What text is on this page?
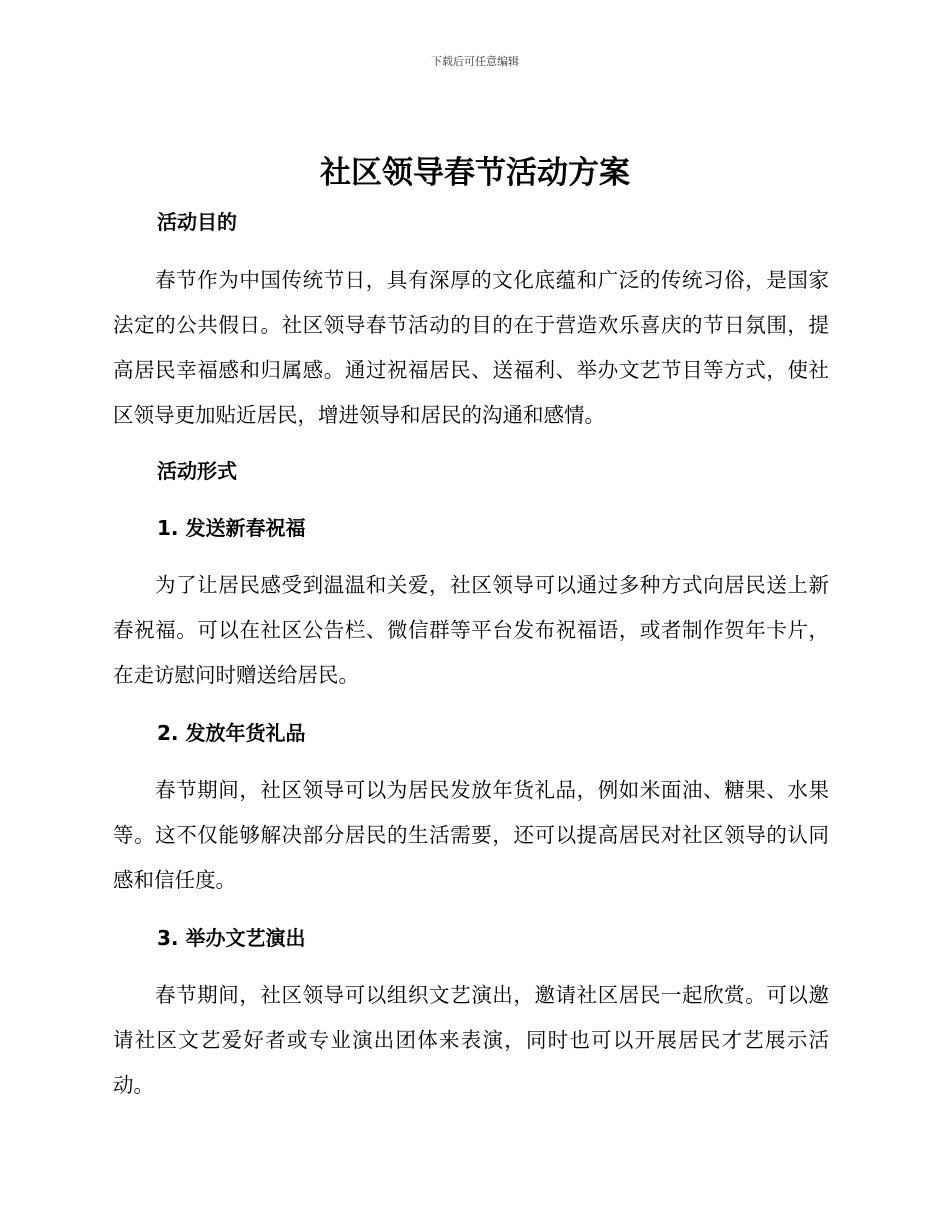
下载后可任意编辑
社区领导春节活动方案
活动目的

春节作为中国传统节日，具有深厚的文化底蕴和广泛的传统习俗，是国家法定的公共假日。社区领导春节活动的目的在于营造欢乐喜庆的节日氛围，提高居民幸福感和归属感。通过祝福居民、送福利、举办文艺节目等方式，使社区领导更加贴近居民，增进领导和居民的沟通和感情。

活动形式
1. 发送新春祝福

为了让居民感受到温温和关爱，社区领导可以通过多种方式向居民送上新春祝福。可以在社区公告栏、微信群等平台发布祝福语，或者制作贺年卡片，在走访慰问时赠送给居民。

2. 发放年货礼品

春节期间，社区领导可以为居民发放年货礼品，例如米面油、糖果、水果等。这不仅能够解决部分居民的生活需要，还可以提高居民对社区领导的认同感和信任度。

3. 举办文艺演出

春节期间，社区领导可以组织文艺演出，邀请社区居民一起欣赏。可以邀请社区文艺爱好者或专业演出团体来表演，同时也可以开展居民才艺展示活动。
